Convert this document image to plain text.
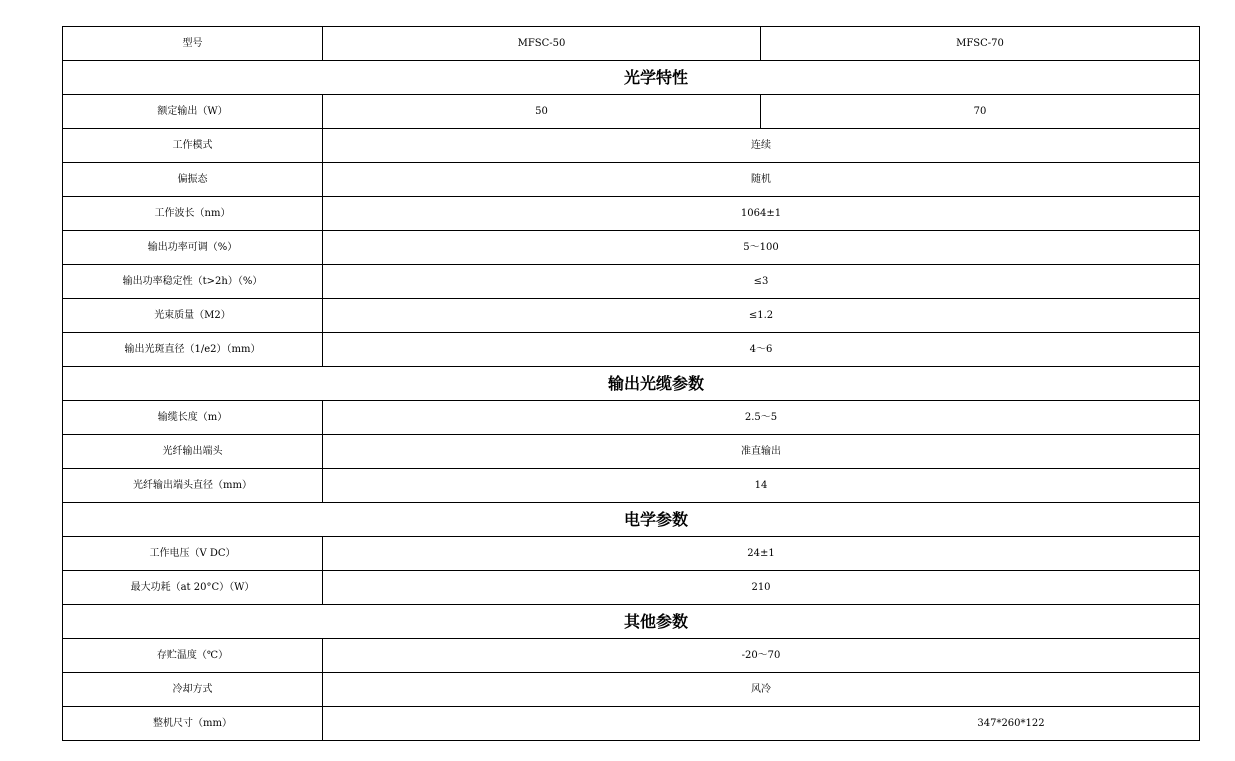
型号	MFSC-50	MFSC-70
光学特性		
额定输出（W）	50	70
工作模式	连续	
偏振态	随机	
工作波长（nm）	1064±1	
输出功率可调（%）	5～100	
输出功率稳定性（t>2h）（%）	≤3	
光束质量（M2）	≤1.2	
输出光斑直径（1/e2）（mm）	4～6	
输出光缆参数		
输缆长度（m）	2.5～5	
光纤输出端头	准直输出	
光纤输出端头直径（mm）	14	
电学参数		
工作电压（V DC）	24±1	
最大功耗（at 20°C）（W）	210	
其他参数		
存贮温度（℃）	-20～70	
冷却方式	风冷	
整机尺寸（mm）	347*260*122	
